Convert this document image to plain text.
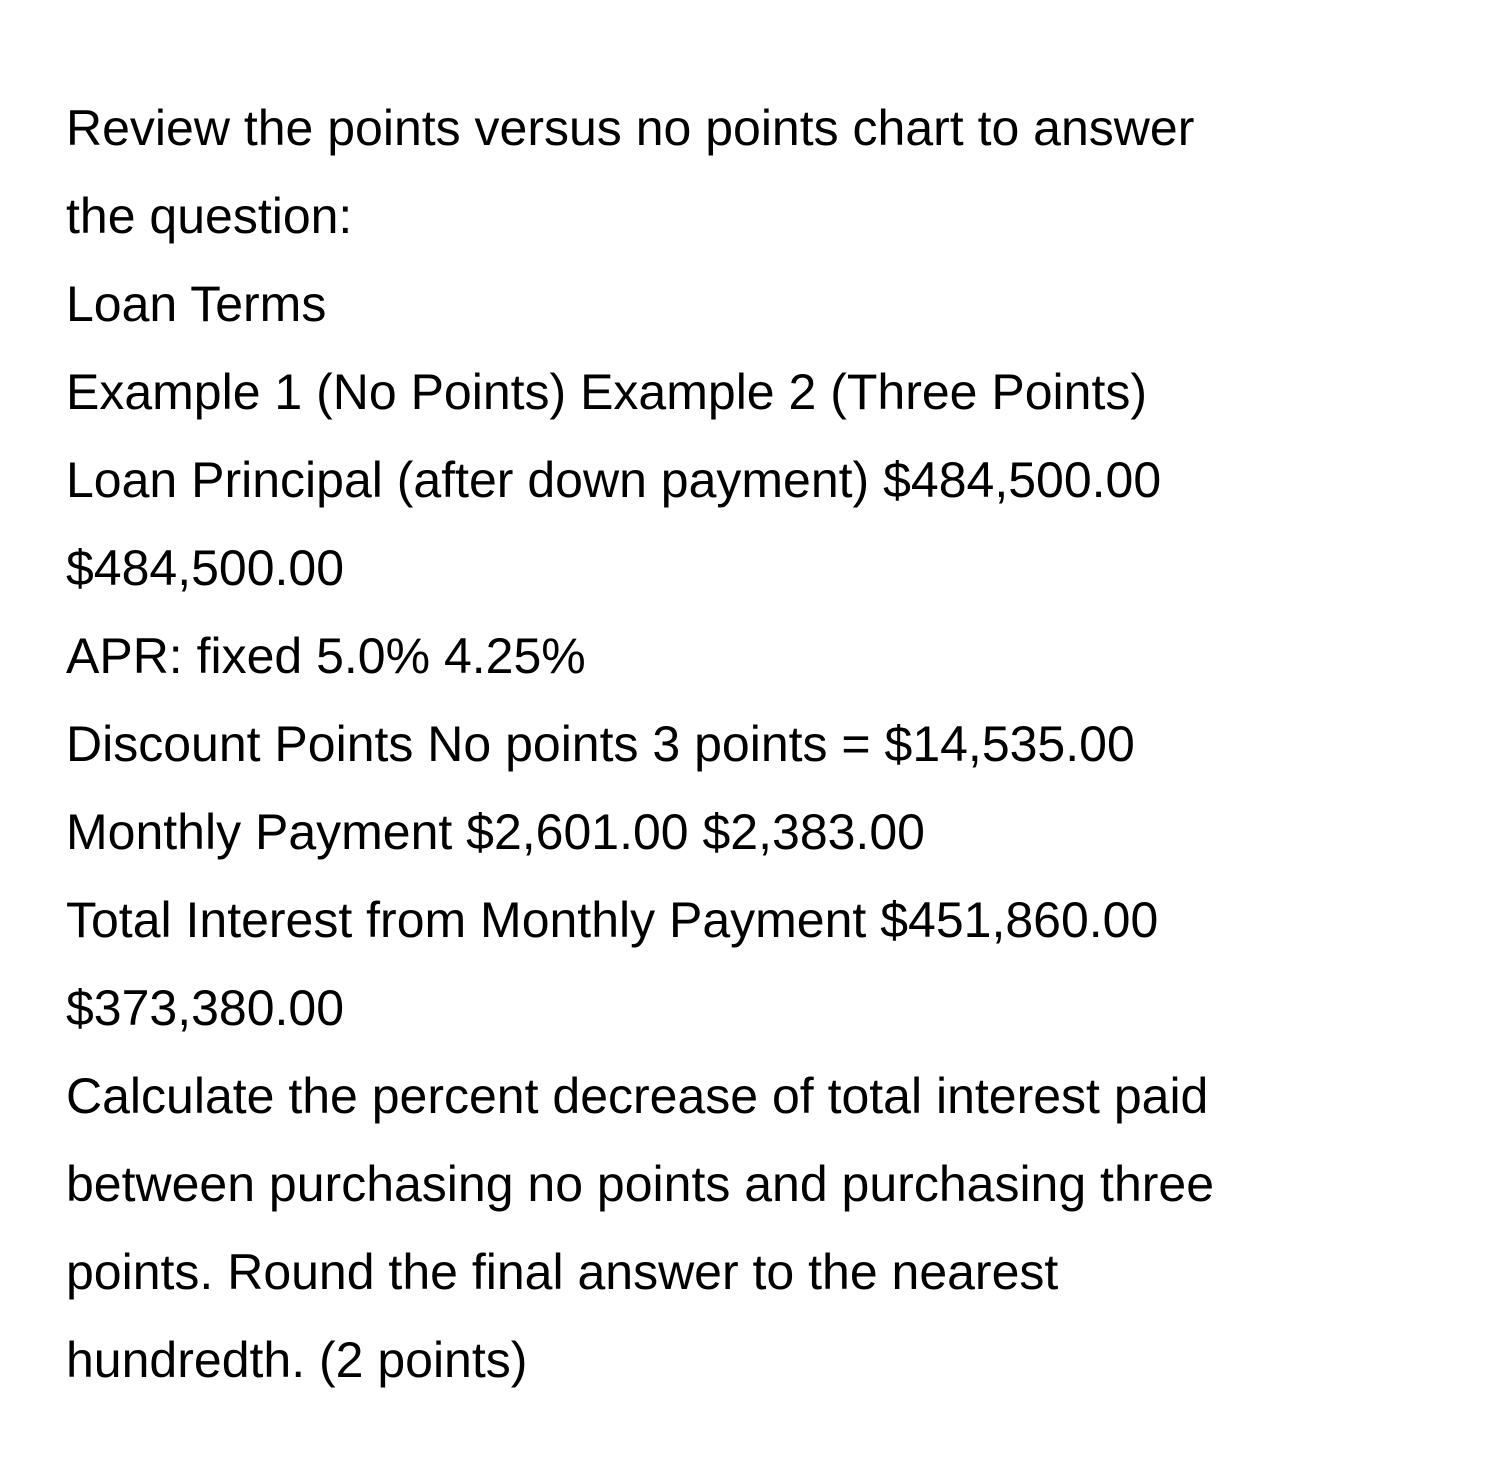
Review the points versus no points chart to answer
the question:
Loan Terms
Example 1 (No Points) Example 2 (Three Points)
Loan Principal (after down payment) $484,500.00
$484,500.00
APR: fixed 5.0% 4.25%
Discount Points No points 3 points = $14,535.00
Monthly Payment $2,601.00 $2,383.00
Total Interest from Monthly Payment $451,860.00
$373,380.00
Calculate the percent decrease of total interest paid
between purchasing no points and purchasing three
points. Round the final answer to the nearest
hundredth. (2 points)
